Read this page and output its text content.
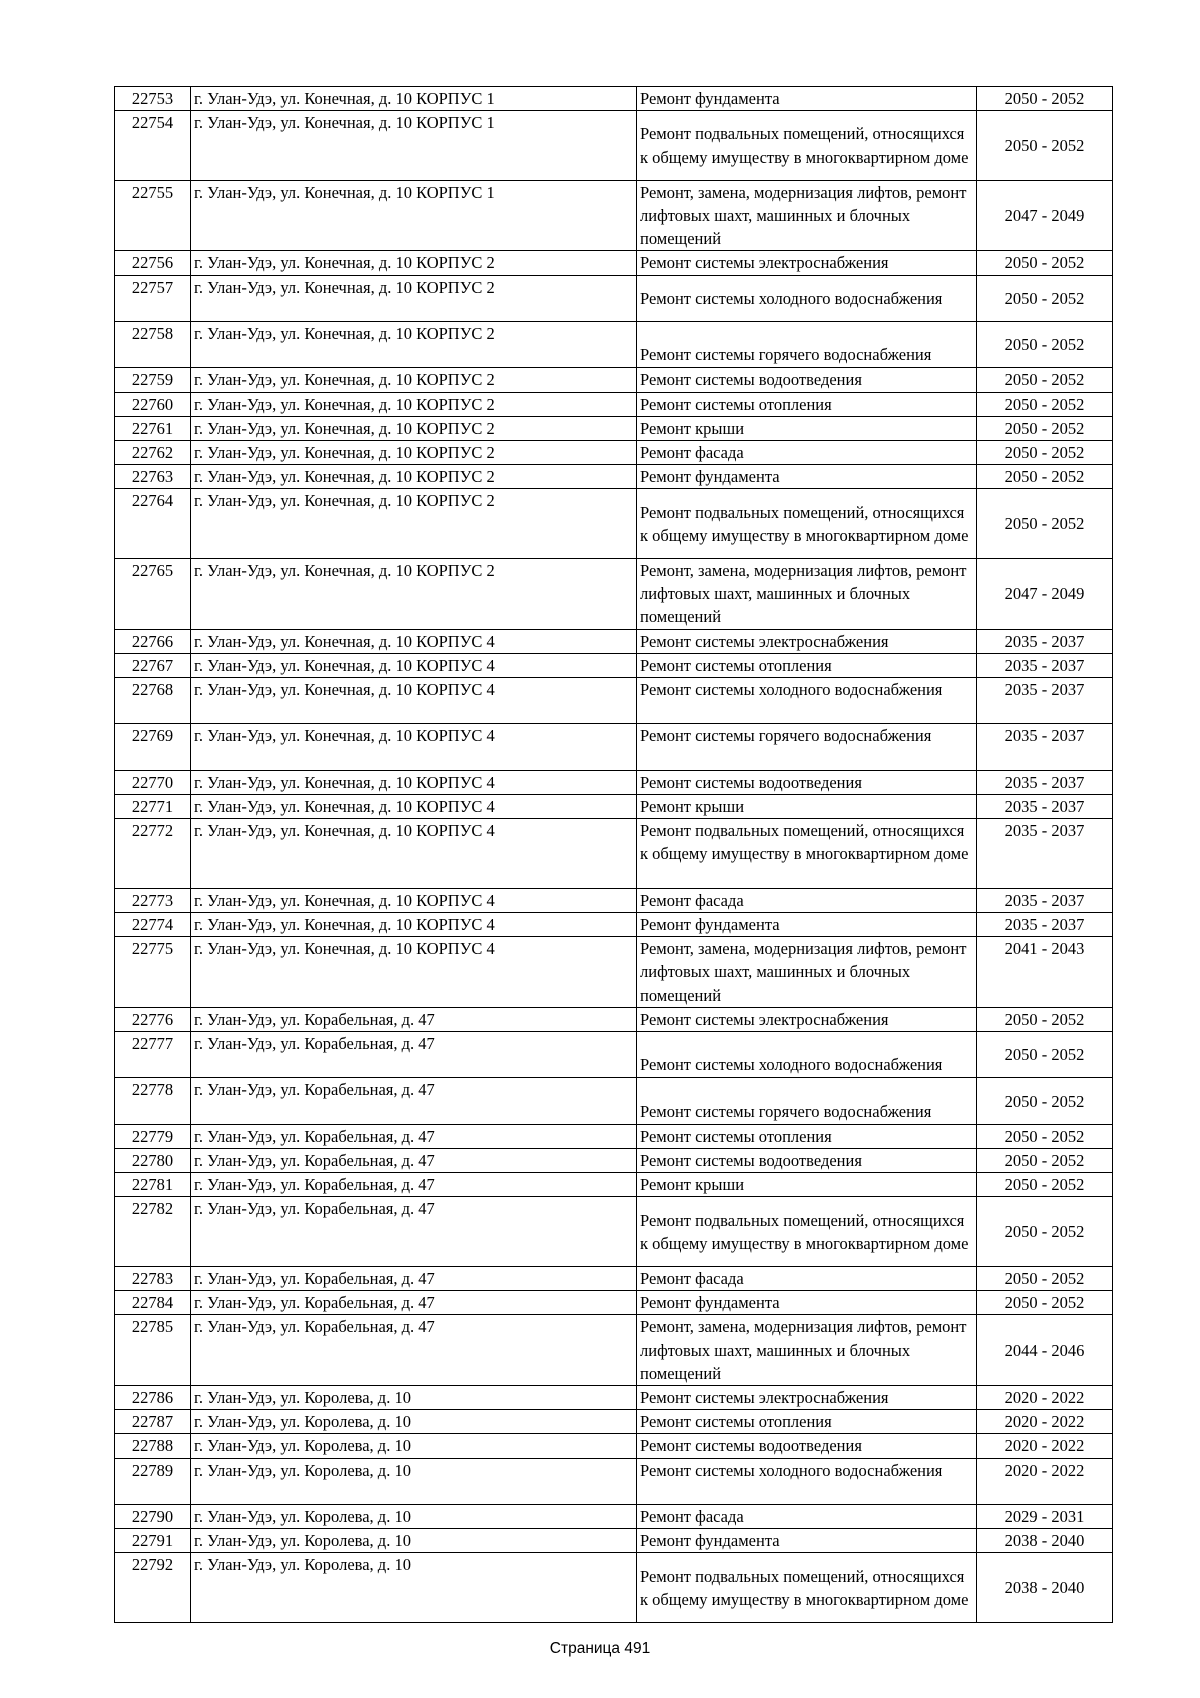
22753	г. Улан-Удэ, ул. Конечная, д. 10 КОРПУС 1	Ремонт фундамента	2050 - 2052
22754	г. Улан-Удэ, ул. Конечная, д. 10 КОРПУС 1	Ремонт подвальных помещений, относящихся к общему имуществу в многоквартирном доме	2050 - 2052
22755	г. Улан-Удэ, ул. Конечная, д. 10 КОРПУС 1	Ремонт, замена, модернизация лифтов, ремонт лифтовых шахт, машинных и блочных помещений	2047 - 2049
22756	г. Улан-Удэ, ул. Конечная, д. 10 КОРПУС 2	Ремонт системы электроснабжения	2050 - 2052
22757	г. Улан-Удэ, ул. Конечная, д. 10 КОРПУС 2	Ремонт системы холодного водоснабжения	2050 - 2052
22758	г. Улан-Удэ, ул. Конечная, д. 10 КОРПУС 2	Ремонт системы горячего водоснабжения	2050 - 2052
22759	г. Улан-Удэ, ул. Конечная, д. 10 КОРПУС 2	Ремонт системы водоотведения	2050 - 2052
22760	г. Улан-Удэ, ул. Конечная, д. 10 КОРПУС 2	Ремонт системы отопления	2050 - 2052
22761	г. Улан-Удэ, ул. Конечная, д. 10 КОРПУС 2	Ремонт крыши	2050 - 2052
22762	г. Улан-Удэ, ул. Конечная, д. 10 КОРПУС 2	Ремонт фасада	2050 - 2052
22763	г. Улан-Удэ, ул. Конечная, д. 10 КОРПУС 2	Ремонт фундамента	2050 - 2052
22764	г. Улан-Удэ, ул. Конечная, д. 10 КОРПУС 2	Ремонт подвальных помещений, относящихся к общему имуществу в многоквартирном доме	2050 - 2052
22765	г. Улан-Удэ, ул. Конечная, д. 10 КОРПУС 2	Ремонт, замена, модернизация лифтов, ремонт лифтовых шахт, машинных и блочных помещений	2047 - 2049
22766	г. Улан-Удэ, ул. Конечная, д. 10 КОРПУС 4	Ремонт системы электроснабжения	2035 - 2037
22767	г. Улан-Удэ, ул. Конечная, д. 10 КОРПУС 4	Ремонт системы отопления	2035 - 2037
22768	г. Улан-Удэ, ул. Конечная, д. 10 КОРПУС 4	Ремонт системы холодного водоснабжения	2035 - 2037
22769	г. Улан-Удэ, ул. Конечная, д. 10 КОРПУС 4	Ремонт системы горячего водоснабжения	2035 - 2037
22770	г. Улан-Удэ, ул. Конечная, д. 10 КОРПУС 4	Ремонт системы водоотведения	2035 - 2037
22771	г. Улан-Удэ, ул. Конечная, д. 10 КОРПУС 4	Ремонт крыши	2035 - 2037
22772	г. Улан-Удэ, ул. Конечная, д. 10 КОРПУС 4	Ремонт подвальных помещений, относящихся к общему имуществу в многоквартирном доме	2035 - 2037
22773	г. Улан-Удэ, ул. Конечная, д. 10 КОРПУС 4	Ремонт фасада	2035 - 2037
22774	г. Улан-Удэ, ул. Конечная, д. 10 КОРПУС 4	Ремонт фундамента	2035 - 2037
22775	г. Улан-Удэ, ул. Конечная, д. 10 КОРПУС 4	Ремонт, замена, модернизация лифтов, ремонт лифтовых шахт, машинных и блочных помещений	2041 - 2043
22776	г. Улан-Удэ, ул. Корабельная, д. 47	Ремонт системы электроснабжения	2050 - 2052
22777	г. Улан-Удэ, ул. Корабельная, д. 47	Ремонт системы холодного водоснабжения	2050 - 2052
22778	г. Улан-Удэ, ул. Корабельная, д. 47	Ремонт системы горячего водоснабжения	2050 - 2052
22779	г. Улан-Удэ, ул. Корабельная, д. 47	Ремонт системы отопления	2050 - 2052
22780	г. Улан-Удэ, ул. Корабельная, д. 47	Ремонт системы водоотведения	2050 - 2052
22781	г. Улан-Удэ, ул. Корабельная, д. 47	Ремонт крыши	2050 - 2052
22782	г. Улан-Удэ, ул. Корабельная, д. 47	Ремонт подвальных помещений, относящихся к общему имуществу в многоквартирном доме	2050 - 2052
22783	г. Улан-Удэ, ул. Корабельная, д. 47	Ремонт фасада	2050 - 2052
22784	г. Улан-Удэ, ул. Корабельная, д. 47	Ремонт фундамента	2050 - 2052
22785	г. Улан-Удэ, ул. Корабельная, д. 47	Ремонт, замена, модернизация лифтов, ремонт лифтовых шахт, машинных и блочных помещений	2044 - 2046
22786	г. Улан-Удэ, ул. Королева, д. 10	Ремонт системы электроснабжения	2020 - 2022
22787	г. Улан-Удэ, ул. Королева, д. 10	Ремонт системы отопления	2020 - 2022
22788	г. Улан-Удэ, ул. Королева, д. 10	Ремонт системы водоотведения	2020 - 2022
22789	г. Улан-Удэ, ул. Королева, д. 10	Ремонт системы холодного водоснабжения	2020 - 2022
22790	г. Улан-Удэ, ул. Королева, д. 10	Ремонт фасада	2029 - 2031
22791	г. Улан-Удэ, ул. Королева, д. 10	Ремонт фундамента	2038 - 2040
22792	г. Улан-Удэ, ул. Королева, д. 10	Ремонт подвальных помещений, относящихся к общему имуществу в многоквартирном доме	2038 - 2040
Страница 491
